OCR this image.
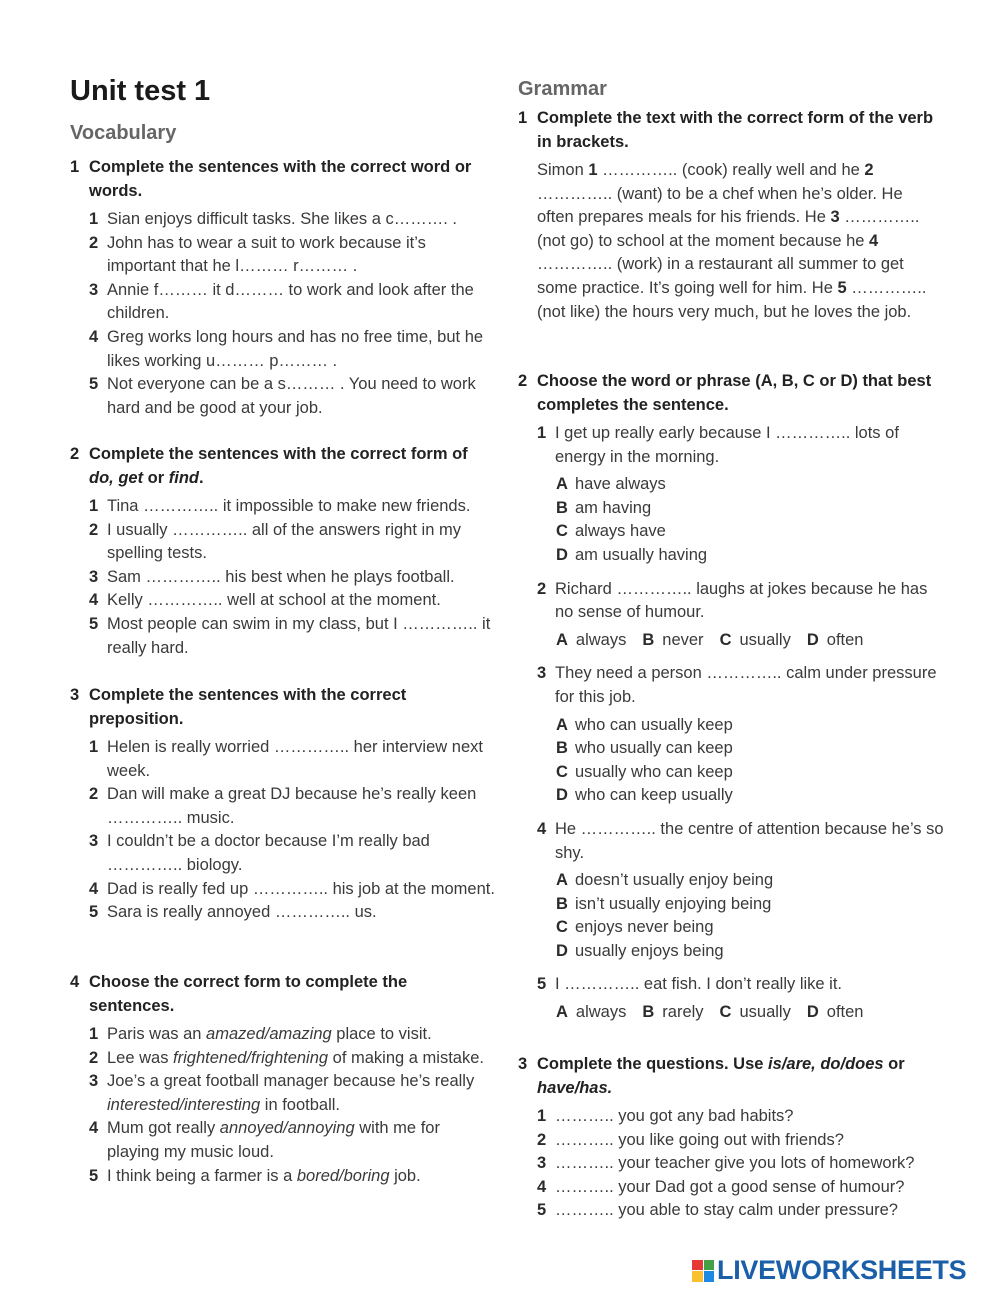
Unit test 1
Vocabulary
1 Complete the sentences with the correct word or words.
1 Sian enjoys difficult tasks. She likes a c………. .
2 John has to wear a suit to work because it’s important that he l……… r……… .
3 Annie f……… it d……… to work and look after the children.
4 Greg works long hours and has no free time, but he likes working u……… p……… .
5 Not everyone can be a s……… . You need to work hard and be good at your job.
2 Complete the sentences with the correct form of do, get or find.
1 Tina ………….. it impossible to make new friends.
2 I usually ………….. all of the answers right in my spelling tests.
3 Sam ………….. his best when he plays football.
4 Kelly ………….. well at school at the moment.
5 Most people can swim in my class, but I ………….. it really hard.
3 Complete the sentences with the correct preposition.
1 Helen is really worried ………….. her interview next week.
2 Dan will make a great DJ because he’s really keen ………….. music.
3 I couldn’t be a doctor because I’m really bad ………….. biology.
4 Dad is really fed up ………….. his job at the moment.
5 Sara is really annoyed ………….. us.
4 Choose the correct form to complete the sentences.
1 Paris was an amazed/amazing place to visit.
2 Lee was frightened/frightening of making a mistake.
3 Joe’s a great football manager because he’s really interested/interesting in football.
4 Mum got really annoyed/annoying with me for playing my music loud.
5 I think being a farmer is a bored/boring job.
Grammar
1 Complete the text with the correct form of the verb in brackets.
Simon 1 ………….. (cook) really well and he 2 ………….. (want) to be a chef when he’s older. He often prepares meals for his friends. He 3 ………….. (not go) to school at the moment because he 4 ………….. (work) in a restaurant all summer to get some practice. It’s going well for him. He 5 ………….. (not like) the hours very much, but he loves the job.
2 Choose the word or phrase (A, B, C or D) that best completes the sentence.
1 I get up really early because I ………….. lots of energy in the morning.
A have always
B am having
C always have
D am usually having
2 Richard ………….. laughs at jokes because he has no sense of humour.
A always B never C usually D often
3 They need a person ………….. calm under pressure for this job.
A who can usually keep
B who usually can keep
C usually who can keep
D who can keep usually
4 He ………….. the centre of attention because he’s so shy.
A doesn’t usually enjoy being
B isn’t usually enjoying being
C enjoys never being
D usually enjoys being
5 I ………….. eat fish. I don’t really like it.
A always B rarely C usually D often
3 Complete the questions. Use is/are, do/does or have/has.
1 ……….. you got any bad habits?
2 ……….. you like going out with friends?
3 ……….. your teacher give you lots of homework?
4 ……….. your Dad got a good sense of humour?
5 ……….. you able to stay calm under pressure?
LIVEWORKSHEETS
